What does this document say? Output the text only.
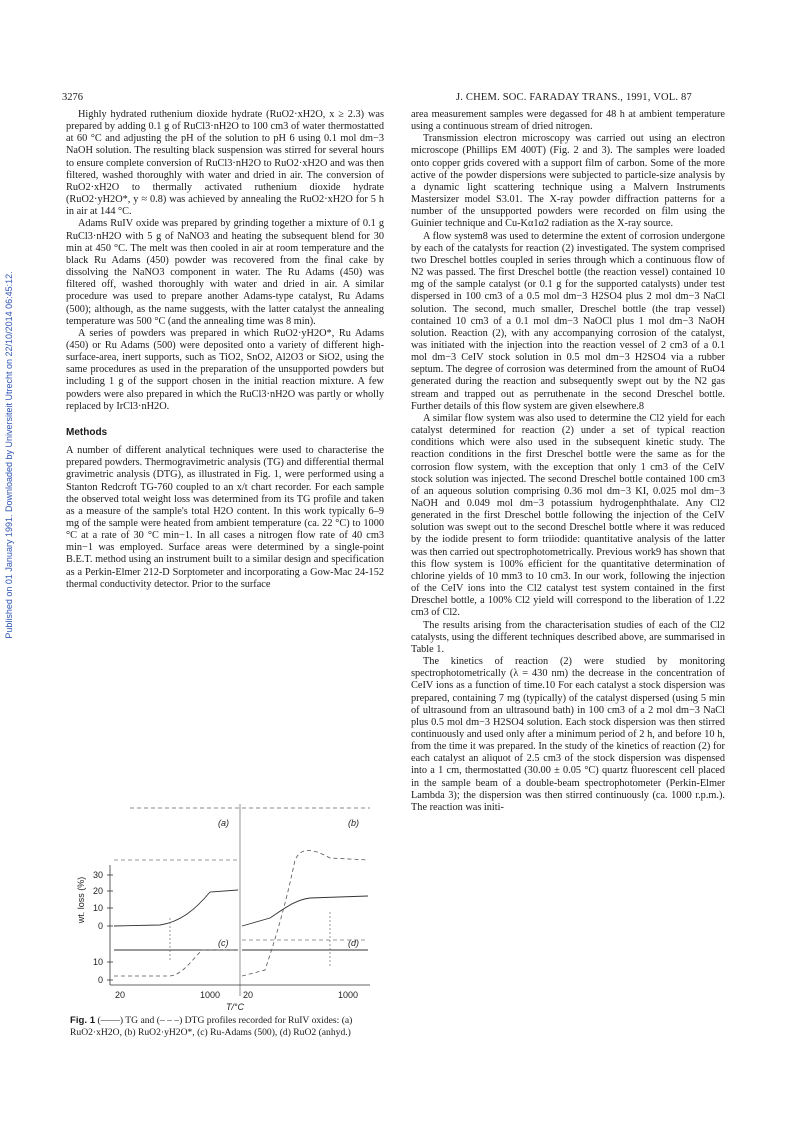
3276	J. CHEM. SOC. FARADAY TRANS., 1991, VOL. 87
Published on 01 January 1991. Downloaded by Universiteit Utrecht on 22/10/2014 06:45:12.

Highly hydrated ruthenium dioxide hydrate (RuO2·xH2O, x ≥ 2.3) was prepared by adding 0.1 g of RuCl3·nH2O to 100 cm3 of water thermostatted at 60 °C and adjusting the pH of the solution to pH 6 using 0.1 mol dm−3 NaOH solution. The resulting black suspension was stirred for several hours to ensure complete conversion of RuCl3·nH2O to RuO2·xH2O and was then filtered, washed thoroughly with water and dried in air. The conversion of RuO2·xH2O to thermally activated ruthenium dioxide hydrate (RuO2·yH2O*, y ≈ 0.8) was achieved by annealing the RuO2·xH2O for 5 h in air at 144 °C.

Adams RuIV oxide was prepared by grinding together a mixture of 0.1 g RuCl3·nH2O with 5 g of NaNO3 and heating the subsequent blend for 30 min at 450 °C. The melt was then cooled in air at room temperature and the black Ru Adams (450) powder was recovered from the final cake by dissolving the NaNO3 component in water. The Ru Adams (450) was filtered off, washed thoroughly with water and dried in air. A similar procedure was used to prepare another Adams-type catalyst, Ru Adams (500); although, as the name suggests, with the latter catalyst the annealing temperature was 500 °C (and the annealing time was 8 min).

A series of powders was prepared in which RuO2·yH2O*, Ru Adams (450) or Ru Adams (500) were deposited onto a variety of different high-surface-area, inert supports, such as TiO2, SnO2, Al2O3 or SiO2, using the same procedures as used in the preparation of the unsupported powders but including 1 g of the support chosen in the initial reaction mixture. A few powders were also prepared in which the RuCl3·nH2O was partly or wholly replaced by IrCl3·nH2O.

Methods

A number of different analytical techniques were used to characterise the prepared powders. Thermogravimetric analysis (TG) and differential thermal gravimetric analysis (DTG), as illustrated in Fig. 1, were performed using a Stanton Redcroft TG-760 coupled to an x/t chart recorder. For each sample the observed total weight loss was determined from its TG profile and taken as a measure of the sample's total H2O content. In this work typically 6–9 mg of the sample were heated from ambient temperature (ca. 22 °C) to 1000 °C at a rate of 30 °C min−1. In all cases a nitrogen flow rate of 40 cm3 min−1 was employed. Surface areas were determined by a single-point B.E.T. method using an instrument built to a similar design and specification as a Perkin-Elmer 212-D Sorptometer and incorporating a Gow-Mac 24-152 thermal conductivity detector. Prior to the surface

area measurement samples were degassed for 48 h at ambient temperature using a continuous stream of dried nitrogen.

Transmission electron microscopy was carried out using an electron microscope (Phillips EM 400T) (Fig. 2 and 3). The samples were loaded onto copper grids covered with a support film of carbon. Some of the more active of the powder dispersions were subjected to particle-size analysis by a dynamic light scattering technique using a Malvern Instruments Mastersizer model S3.01. The X-ray powder diffraction patterns for a number of the unsupported powders were recorded on film using the Guinier technique and Cu-Kα1α2 radiation as the X-ray source.

A flow system8 was used to determine the extent of corrosion undergone by each of the catalysts for reaction (2) investigated. The system comprised two Dreschel bottles coupled in series through which a continuous flow of N2 was passed. The first Dreschel bottle (the reaction vessel) contained 10 mg of the sample catalyst (or 0.1 g for the supported catalysts) under test dispersed in 100 cm3 of a 0.5 mol dm−3 H2SO4 plus 2 mol dm−3 NaCl solution. The second, much smaller, Dreschel bottle (the trap vessel) contained 10 cm3 of a 0.1 mol dm−3 NaOCl plus 1 mol dm−3 NaOH solution. Reaction (2), with any accompanying corrosion of the catalyst, was initiated with the injection into the reaction vessel of 2 cm3 of a 0.1 mol dm−3 CeIV stock solution in 0.5 mol dm−3 H2SO4 via a rubber septum. The degree of corrosion was determined from the amount of RuO4 generated during the reaction and subsequently swept out by the N2 gas stream and trapped out as perruthenate in the second Dreschel bottle. Further details of this flow system are given elsewhere.8

A similar flow system was also used to determine the Cl2 yield for each catalyst determined for reaction (2) under a set of typical reaction conditions which were also used in the subsequent kinetic study. The reaction conditions in the first Dreschel bottle were the same as for the corrosion flow system, with the exception that only 1 cm3 of the CeIV stock solution was injected. The second Dreschel bottle contained 100 cm3 of an aqueous solution comprising 0.36 mol dm−3 KI, 0.025 mol dm−3 NaOH and 0.049 mol dm−3 potassium hydrogenphthalate. Any Cl2 generated in the first Dreschel bottle following the injection of the CeIV solution was swept out to the second Dreschel bottle where it was reduced by the iodide present to form triiodide: quantitative analysis of the latter was then carried out spectrophotometrically. Previous work9 has shown that this flow system is 100% efficient for the quantitative determination of chlorine yields of 10 mm3 to 10 cm3. In our work, following the injection of the CeIV ions into the Cl2 catalyst test system contained in the first Dreschel bottle, a 100% Cl2 yield will correspond to the liberation of 1.22 cm3 of Cl2.

The results arising from the characterisation studies of each of the Cl2 catalysts, using the different techniques described above, are summarised in Table 1.

The kinetics of reaction (2) were studied by monitoring spectrophotometrically (λ = 430 nm) the decrease in the concentration of CeIV ions as a function of time.10 For each catalyst a stock dispersion was prepared, containing 7 mg (typically) of the catalyst dispersed (using 5 min of ultrasound from an ultrasound bath) in 100 cm3 of a 2 mol dm−3 NaCl plus 0.5 mol dm−3 H2SO4 solution. Each stock dispersion was then stirred continuously and used only after a minimum period of 2 h, and before 10 h, from the time it was prepared. In the study of the kinetics of reaction (2) for each catalyst an aliquot of 2.5 cm3 of the stock dispersion was dispensed into a 1 cm, thermostatted (30.00 ± 0.05 °C) quartz fluorescent cell placed in the sample beam of a double-beam spectrophotometer (Perkin-Elmer Lambda 3); the dispersion was then stirred continuously (ca. 1000 r.p.m.). The reaction was initi-

30
20
10
0
10
0
wt. loss (%)
20	1000	20	1000
T/°C
(a)	(b)
(c)	(d)
Fig. 1 (——) TG and (– – –) DTG profiles recorded for RuIV oxides: (a) RuO2·xH2O, (b) RuO2·yH2O*, (c) Ru-Adams (500), (d) RuO2 (anhyd.)
